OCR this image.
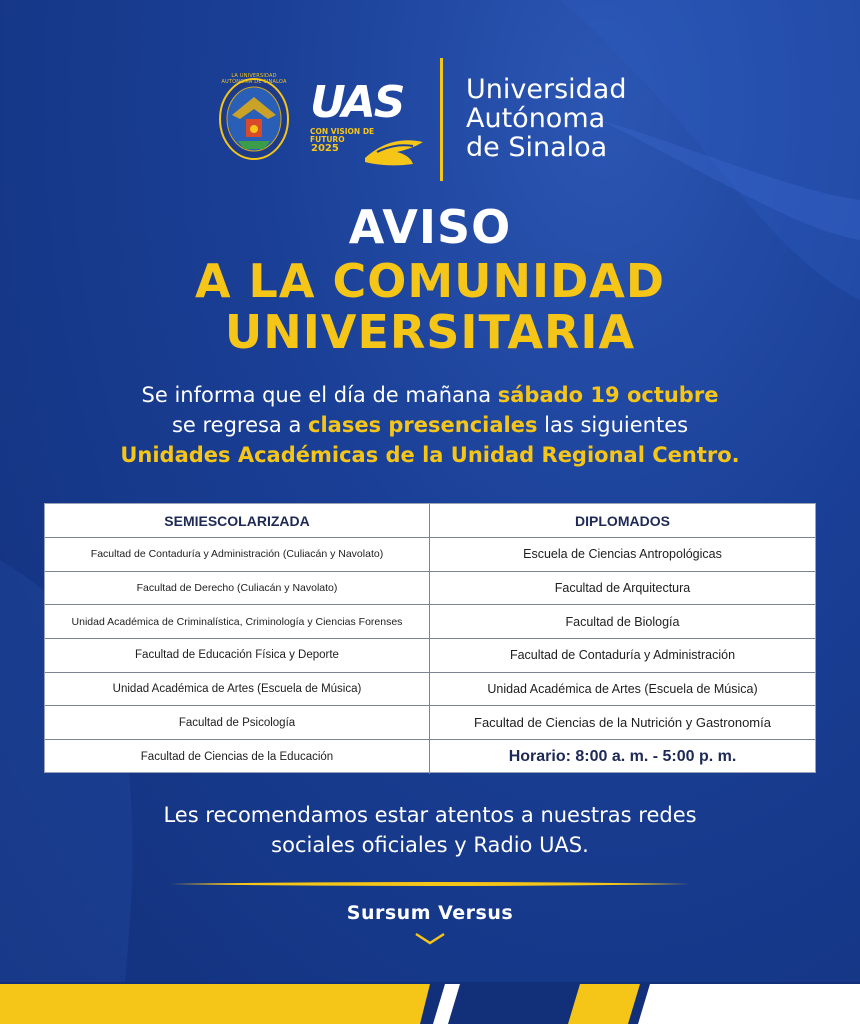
LA UNIVERSIDAD AUTONOMA DE SINALOA UAS
CON VISION DE FUTURO
2025
Universidad
Autónoma
de Sinaloa
AVISO
A LA COMUNIDAD
UNIVERSITARIA
Se informa que el día de mañana sábado 19 octubre
se regresa a clases presenciales las siguientes
Unidades Académicas de la Unidad Regional Centro.
SEMIESCOLARIZADA	DIPLOMADOS
Facultad de Contaduría y Administración (Culiacán y Navolato)	Escuela de Ciencias Antropológicas
Facultad de Derecho (Culiacán y Navolato)	Facultad de Arquitectura
Unidad Académica de Criminalística, Criminología y Ciencias Forenses	Facultad de Biología
Facultad de Educación Física y Deporte	Facultad de Contaduría y Administración
Unidad Académica de Artes (Escuela de Música)	Unidad Académica de Artes (Escuela de Música)
Facultad de Psicología	Facultad de Ciencias de la Nutrición y Gastronomía
Facultad de Ciencias de la Educación	Horario: 8:00 a. m. - 5:00 p. m.
Les recomendamos estar atentos a nuestras redes
sociales oficiales y Radio UAS.
Sursum Versus
